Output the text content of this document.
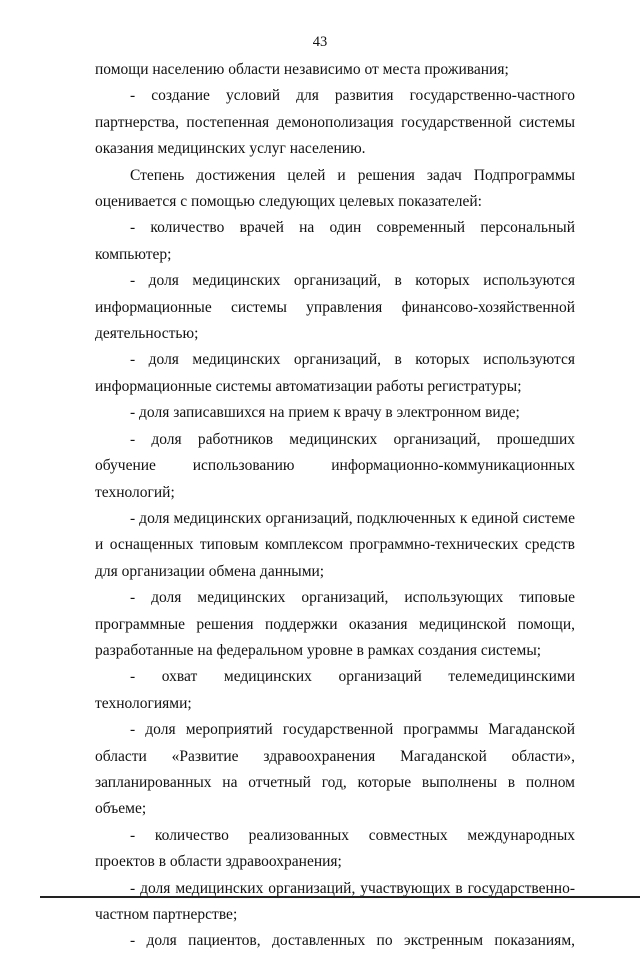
43

помощи населению области независимо от места проживания;

- создание условий для развития государственно-частного партнерства, постепенная демонополизация государственной системы оказания медицинских услуг населению.

Степень достижения целей и решения задач Подпрограммы оценивается с помощью следующих целевых показателей:

- количество врачей на один современный персональный компьютер;

- доля медицинских организаций, в которых используются информационные системы управления финансово-хозяйственной деятельностью;

- доля медицинских организаций, в которых используются информационные системы автоматизации работы регистратуры;

- доля записавшихся на прием к врачу в электронном виде;

- доля работников медицинских организаций, прошедших обучение использованию информационно-коммуникационных технологий;

- доля медицинских организаций, подключенных к единой системе и оснащенных типовым комплексом программно-технических средств для организации обмена данными;

- доля медицинских организаций, использующих типовые программные решения поддержки оказания медицинской помощи, разработанные на федеральном уровне в рамках создания системы;

- охват медицинских организаций телемедицинскими технологиями;

- доля мероприятий государственной программы Магаданской области «Развитие здравоохранения Магаданской области», запланированных на отчетный год, которые выполнены в полном объеме;

- количество реализованных совместных международных проектов в области здравоохранения;

- доля медицинских организаций, участвующих в государственно-частном партнерстве;

- доля пациентов, доставленных по экстренным показаниям,
